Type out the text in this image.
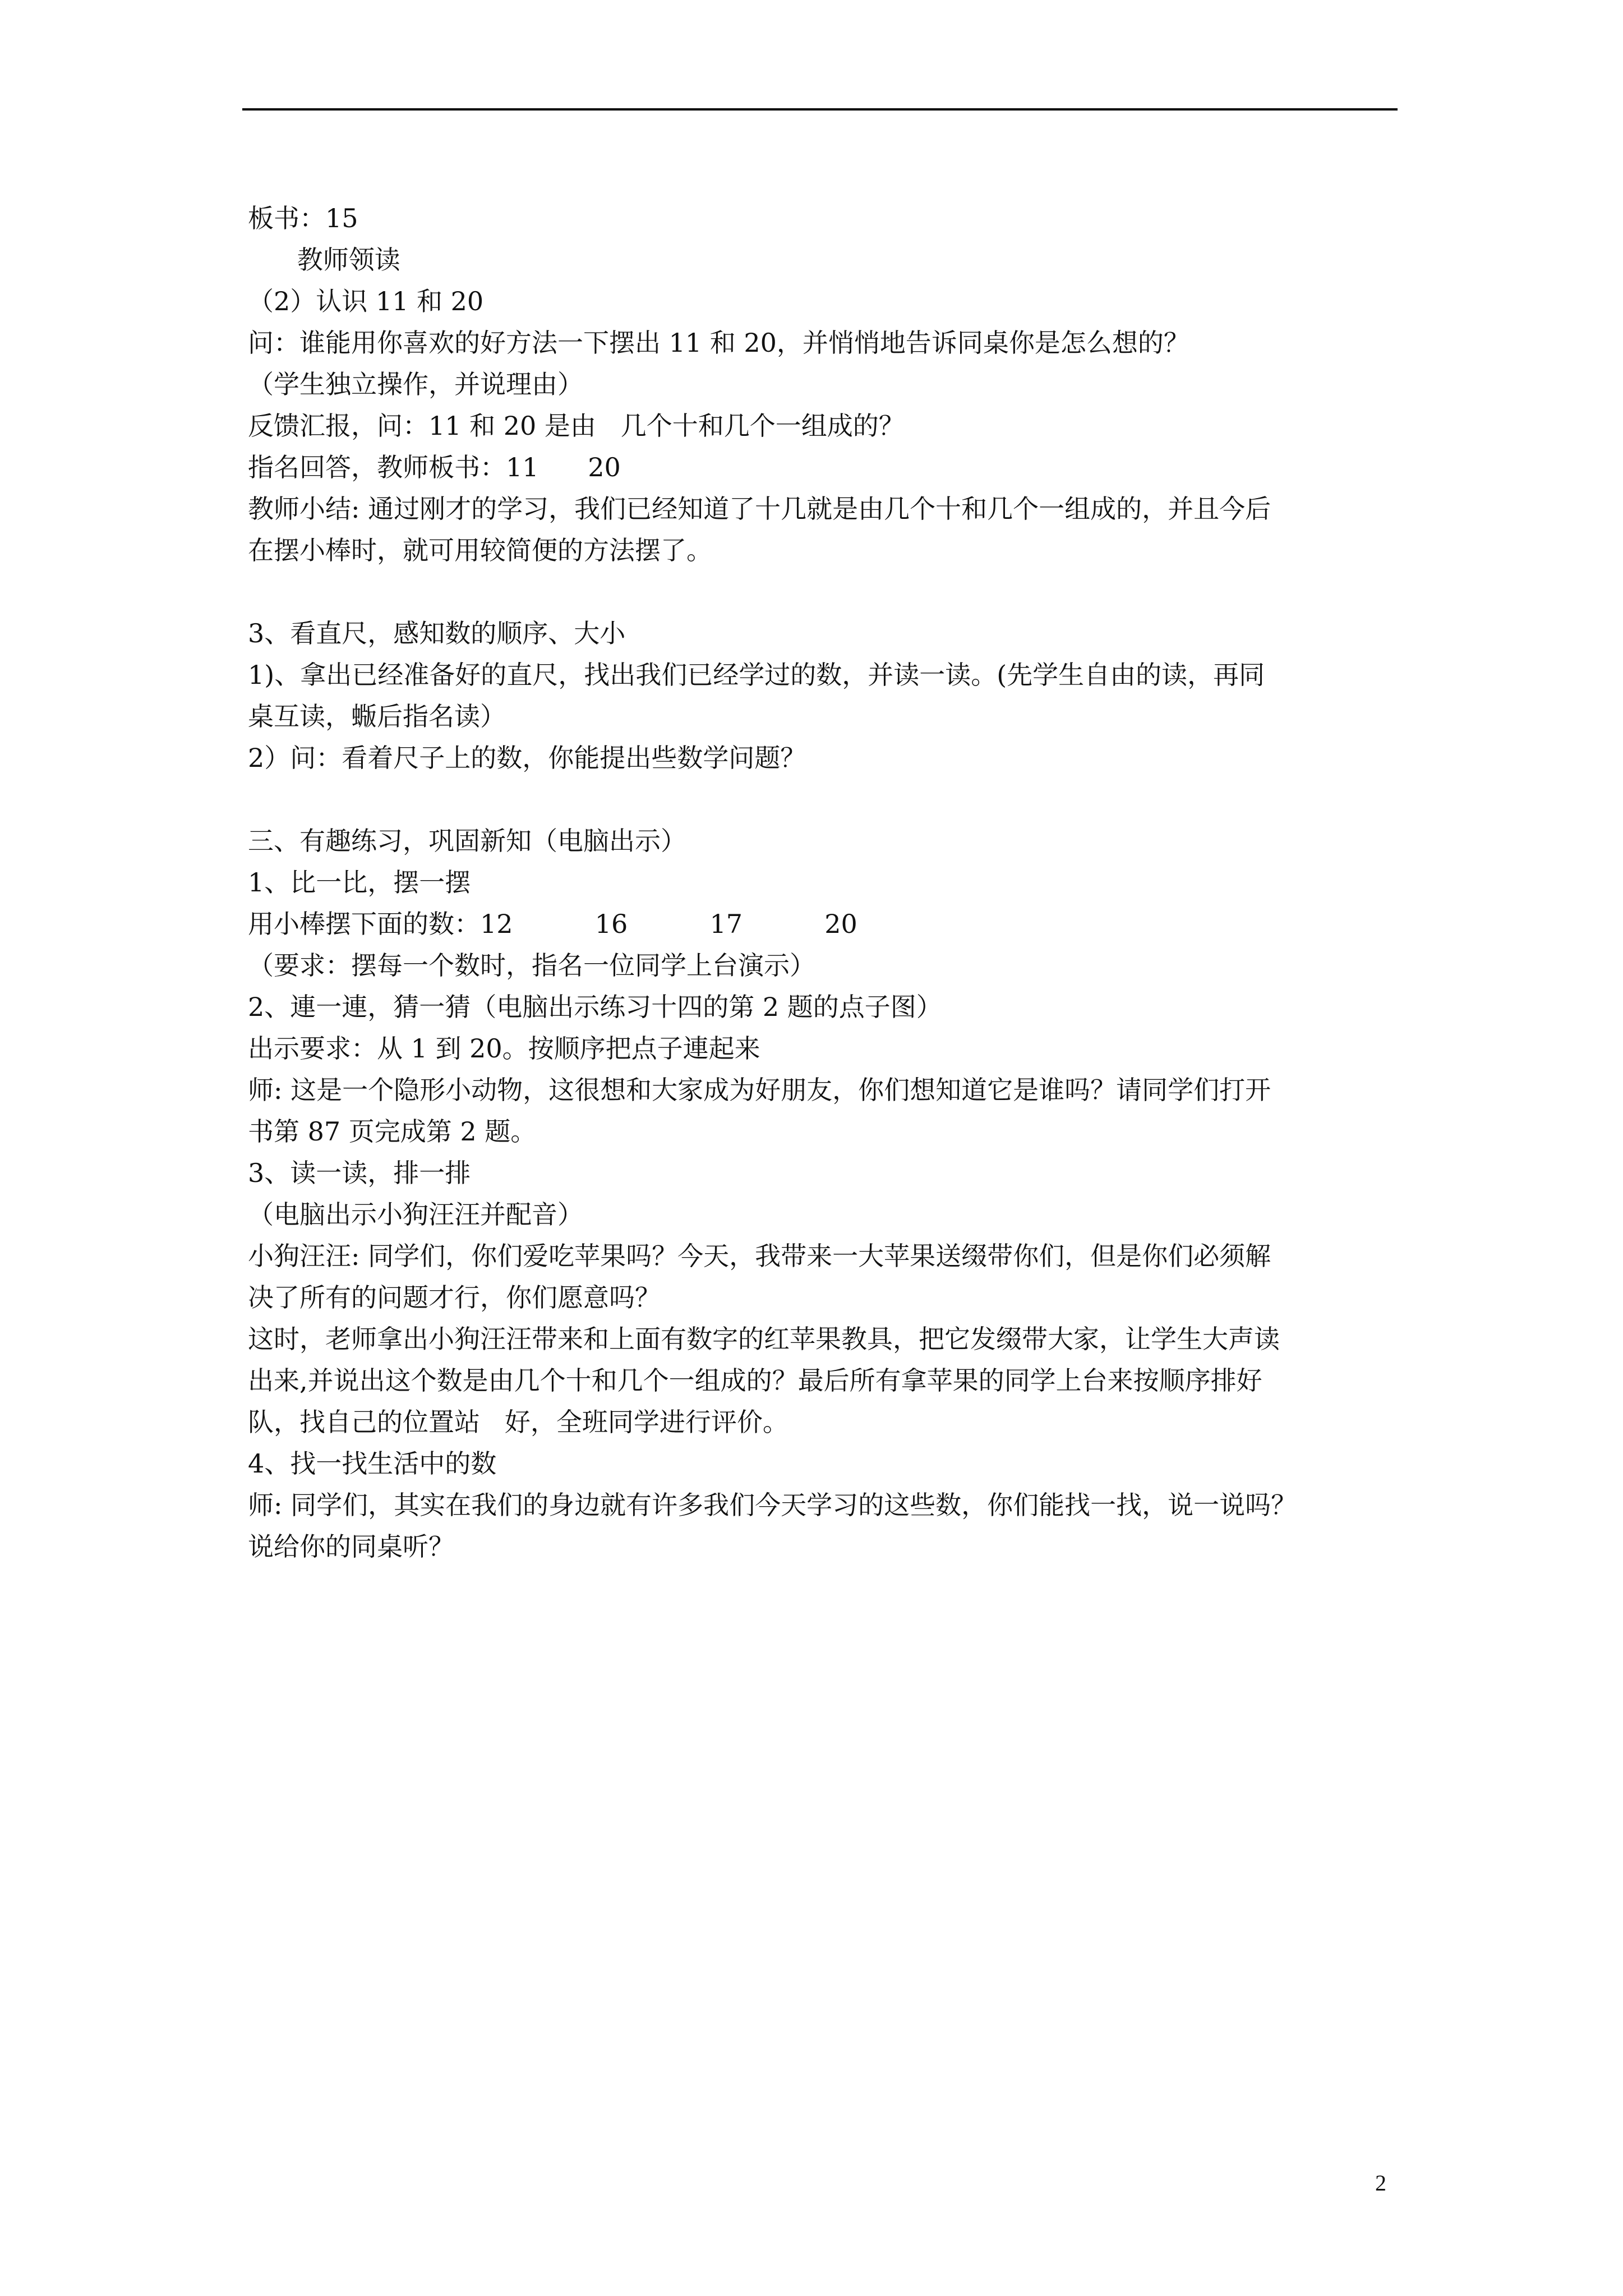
板书：15
教师领读
（2）认识 11 和 20
问：谁能用你喜欢的好方法一下摆出 11 和 20，并悄悄地告诉同桌你是怎么想的？
（学生独立操作，并说理由）
反馈汇报，问：11 和 20 是由   几个十和几个一组成的？
指名回答，教师板书：11      20
教师小结: 通过刚才的学习，我们已经知道了十几就是由几个十和几个一组成的，并且今后
在摆小棒时，就可用较简便的方法摆了。
3、看直尺，感知数的顺序、大小
1)、拿出已经准备好的直尺，找出我们已经学过的数，并读一读。(先学生自由的读，再同
桌互读，蝂后指名读）
2）问：看着尺子上的数，你能提出些数学问题？
三、有趣练习，巩固新知（电脑出示）
1、比一比，摆一摆
用小棒摆下面的数：12          16          17          20
（要求：摆每一个数时，指名一位同学上台演示）
2、連一連，猜一猜（电脑出示练习十四的第 2 题的点子图）
出示要求：从 1 到 20。按顺序把点子連起来
师: 这是一个隐形小动物，这很想和大家成为好朋友，你们想知道它是谁吗？请同学们打开
书第 87 页完成第 2 题。
3、读一读，排一排
（电脑出示小狗汪汪并配音）
小狗汪汪: 同学们，你们爱吃苹果吗？今天，我带来一大苹果送缀带你们，但是你们必须解
决了所有的问题才行，你们愿意吗？
这时，老师拿出小狗汪汪带来和上面有数字的红苹果教具，把它发缀带大家，让学生大声读
出来,并说出这个数是由几个十和几个一组成的？最后所有拿苹果的同学上台来按顺序排好
队，找自己的位置站   好，全班同学进行评价。
4、找一找生活中的数
师: 同学们，其实在我们的身边就有许多我们今天学习的这些数，你们能找一找，说一说吗？
说给你的同桌听？
2
